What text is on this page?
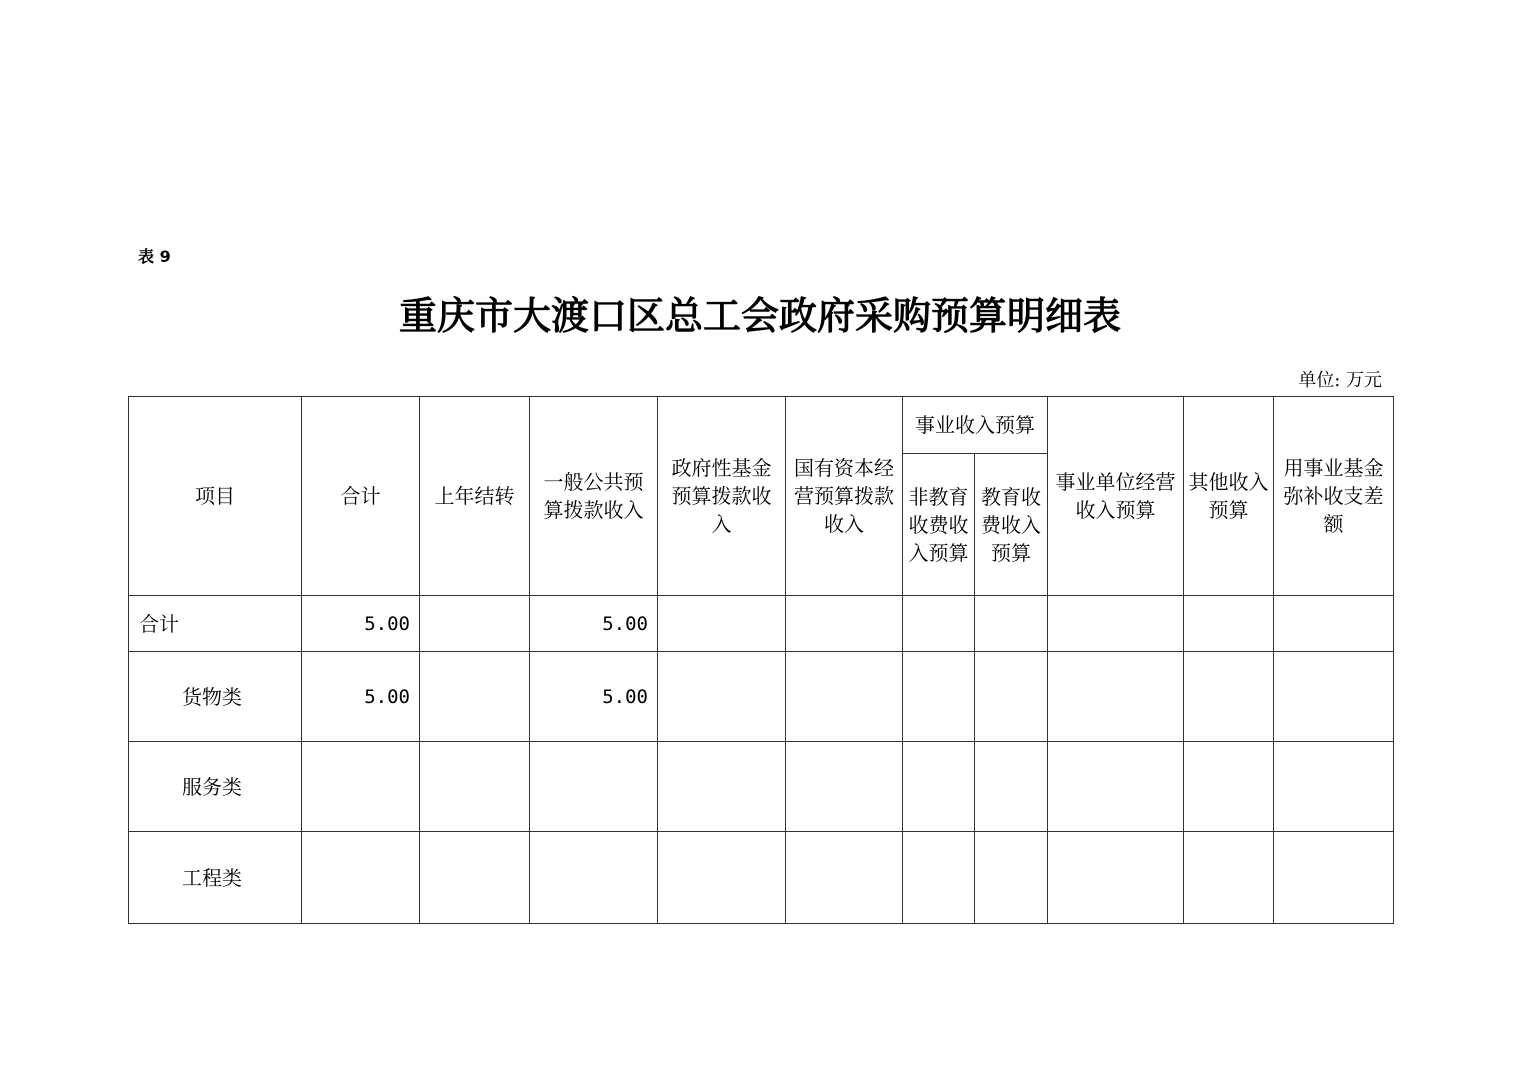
表 9
重庆市大渡口区总工会政府采购预算明细表
单位: 万元
项目	合计	上年结转	一般公共预算拨款收入	政府性基金预算拨款收入	国有资本经营预算拨款收入	事业收入预算		事业单位经营收入预算	其他收入预算	用事业基金弥补收支差额
						非教育收费收入预算	教育收费收入预算			
合计	5.00		5.00							
货物类	5.00		5.00							
服务类										
工程类										
